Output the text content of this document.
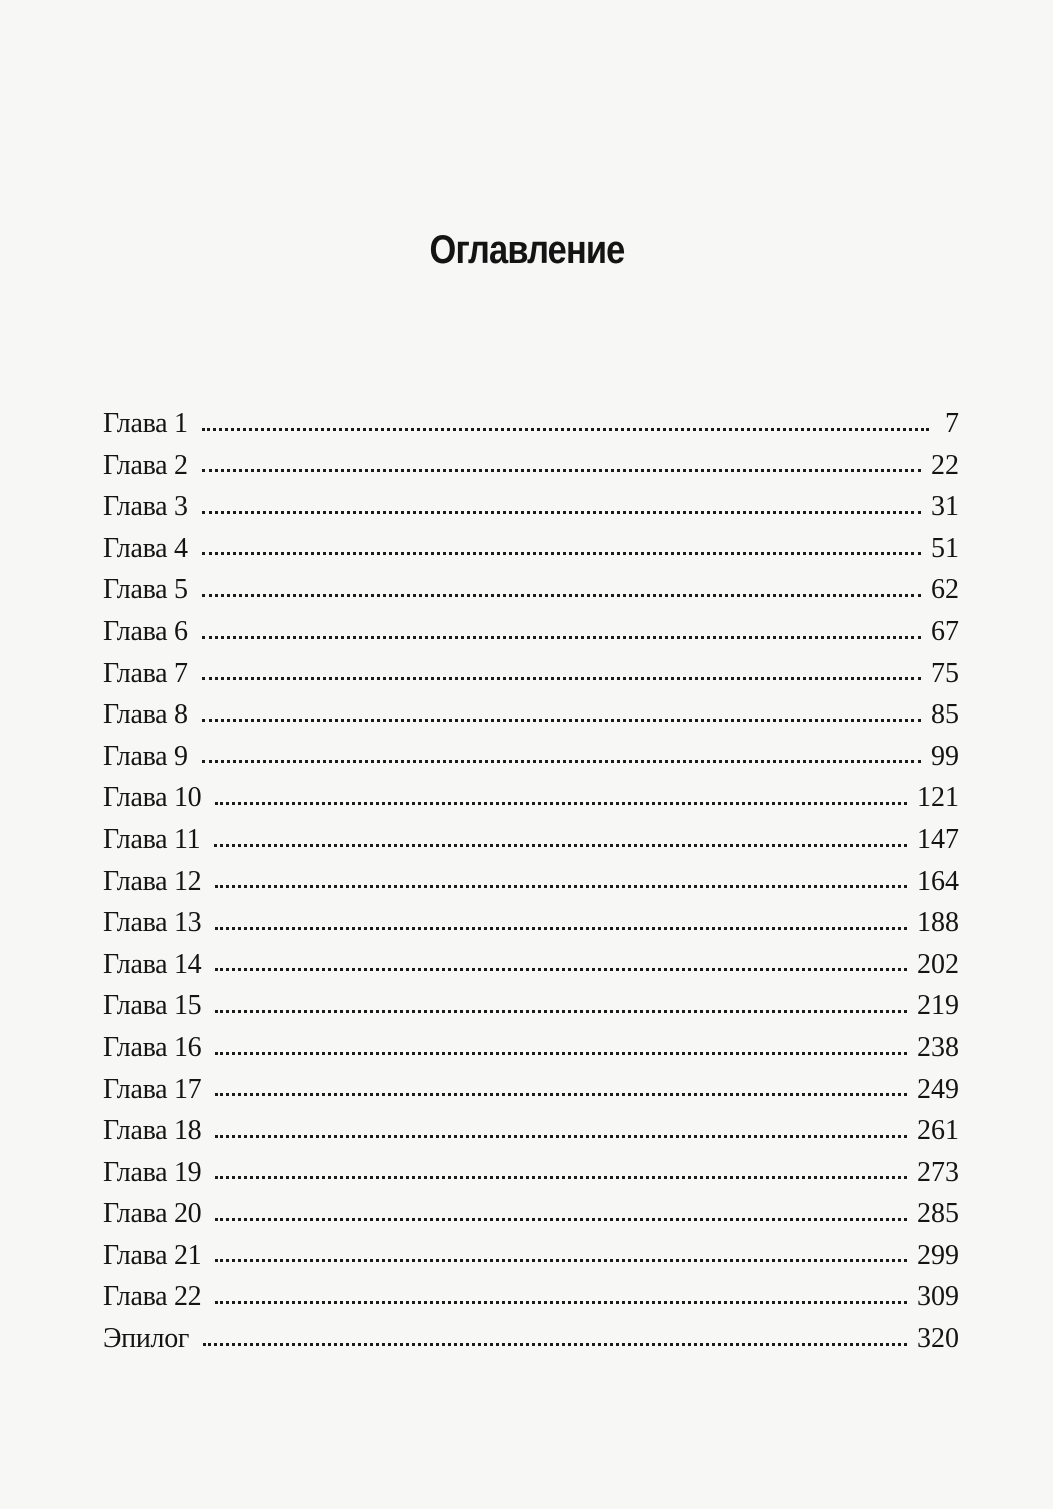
Оглавление
Глава 1	7
Глава 2	22
Глава 3	31
Глава 4	51
Глава 5	62
Глава 6	67
Глава 7	75
Глава 8	85
Глава 9	99
Глава 10	121
Глава 11	147
Глава 12	164
Глава 13	188
Глава 14	202
Глава 15	219
Глава 16	238
Глава 17	249
Глава 18	261
Глава 19	273
Глава 20	285
Глава 21	299
Глава 22	309
Эпилог	320
